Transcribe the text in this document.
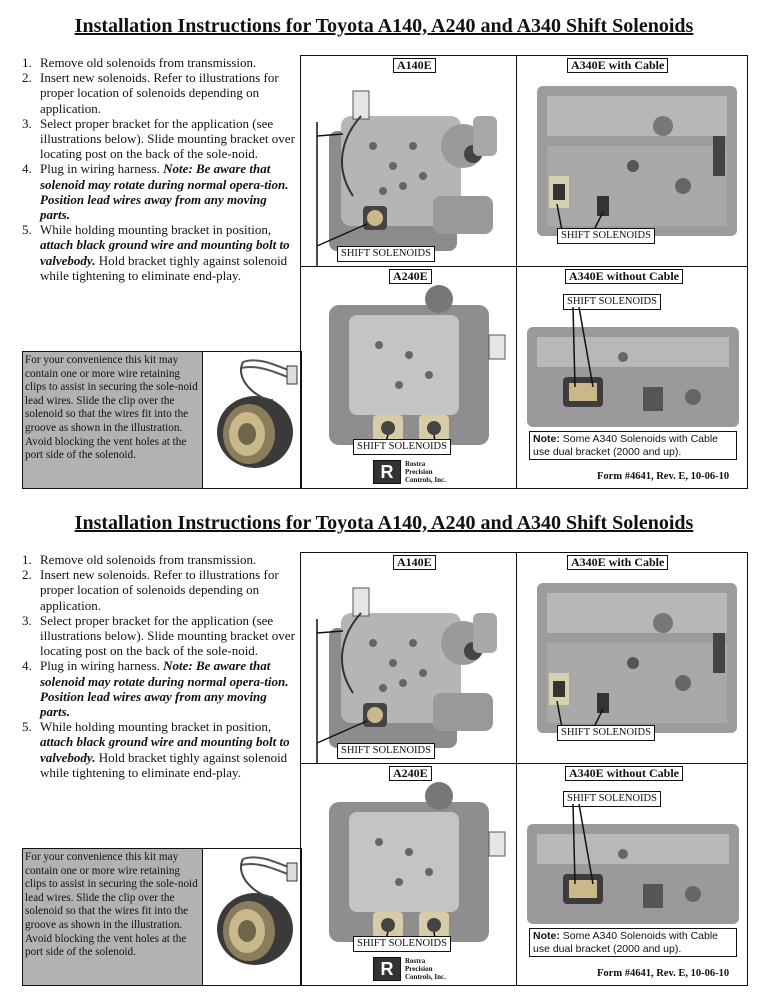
Installation Instructions for Toyota A140, A240 and A340 Shift Solenoids
1. Remove old solenoids from transmission.
2. Insert new solenoids. Refer to illustrations for proper location of solenoids depending on application.
3. Select proper bracket for the application (see illustrations below). Slide mounting bracket over locating post on the back of the sole-noid.
4. Plug in wiring harness. Note: Be aware that solenoid may rotate during normal opera-tion. Position lead wires away from any moving parts.
5. While holding mounting bracket in position, attach black ground wire and mounting bolt to valvebody. Hold bracket tighly against solenoid while tightening to eliminate end-play.
For your convenience this kit may contain one or more wire retaining clips to assist in securing the sole-noid lead wires. Slide the clip over the solenoid so that the wires fit into the groove as shown in the illustration. Avoid blocking the vent holes at the port side of the solenoid.
A140E
SHIFT SOLENOIDS
A340E with Cable
SHIFT SOLENOIDS
A240E
SHIFT SOLENOIDS
R	Rostra
Precision
Controls, Inc.
A340E without Cable
SHIFT SOLENOIDS
Note: Some A340 Solenoids with Cable use dual bracket (2000 and up).
Form #4641, Rev. E, 10-06-10
Installation Instructions for Toyota A140, A240 and A340 Shift Solenoids
1. Remove old solenoids from transmission.
2. Insert new solenoids. Refer to illustrations for proper location of solenoids depending on application.
3. Select proper bracket for the application (see illustrations below). Slide mounting bracket over locating post on the back of the sole-noid.
4. Plug in wiring harness. Note: Be aware that solenoid may rotate during normal opera-tion. Position lead wires away from any moving parts.
5. While holding mounting bracket in position, attach black ground wire and mounting bolt to valvebody. Hold bracket tighly against solenoid while tightening to eliminate end-play.
For your convenience this kit may contain one or more wire retaining clips to assist in securing the sole-noid lead wires. Slide the clip over the solenoid so that the wires fit into the groove as shown in the illustration. Avoid blocking the vent holes at the port side of the solenoid.
A140E
SHIFT SOLENOIDS
A340E with Cable
SHIFT SOLENOIDS
A240E
SHIFT SOLENOIDS
R	Rostra
Precision
Controls, Inc.
A340E without Cable
SHIFT SOLENOIDS
Note: Some A340 Solenoids with Cable use dual bracket (2000 and up).
Form #4641, Rev. E, 10-06-10
